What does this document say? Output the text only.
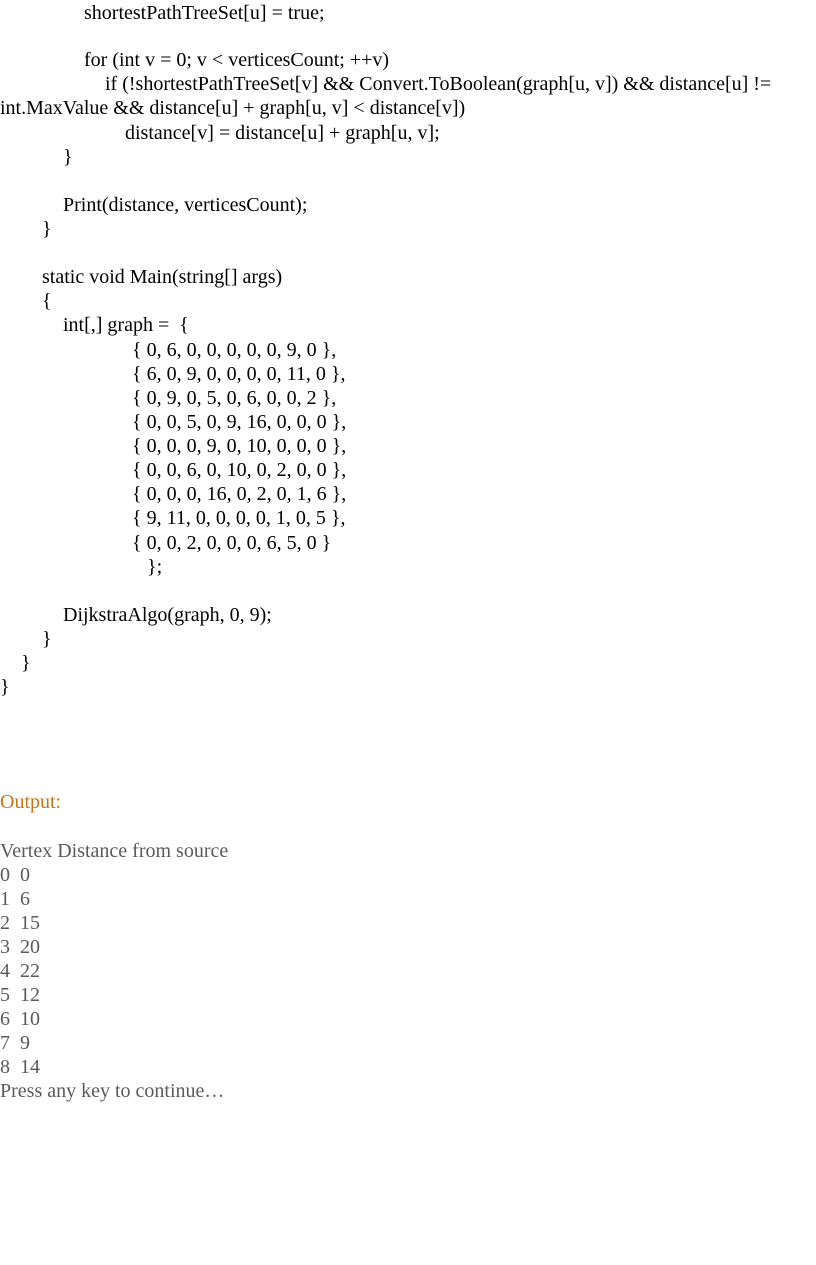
shortestPathTreeSet[u] = true;
for (int v = 0; v < verticesCount; ++v)
if (!shortestPathTreeSet[v] && Convert.ToBoolean(graph[u, v]) && distance[u] !=
int.MaxValue && distance[u] + graph[u, v] < distance[v])
distance[v] = distance[u] + graph[u, v];
}
Print(distance, verticesCount);
}
static void Main(string[] args)
{
int[,] graph =  {
{ 0, 6, 0, 0, 0, 0, 0, 9, 0 },
{ 6, 0, 9, 0, 0, 0, 0, 11, 0 },
{ 0, 9, 0, 5, 0, 6, 0, 0, 2 },
{ 0, 0, 5, 0, 9, 16, 0, 0, 0 },
{ 0, 0, 0, 9, 0, 10, 0, 0, 0 },
{ 0, 0, 6, 0, 10, 0, 2, 0, 0 },
{ 0, 0, 0, 16, 0, 2, 0, 1, 6 },
{ 9, 11, 0, 0, 0, 0, 1, 0, 5 },
{ 0, 0, 2, 0, 0, 0, 6, 5, 0 }
};
DijkstraAlgo(graph, 0, 9);
}
}
}
Output:
Vertex Distance from source
0  0
1  6
2  15
3  20
4  22
5  12
6  10
7  9
8  14
Press any key to continue…
